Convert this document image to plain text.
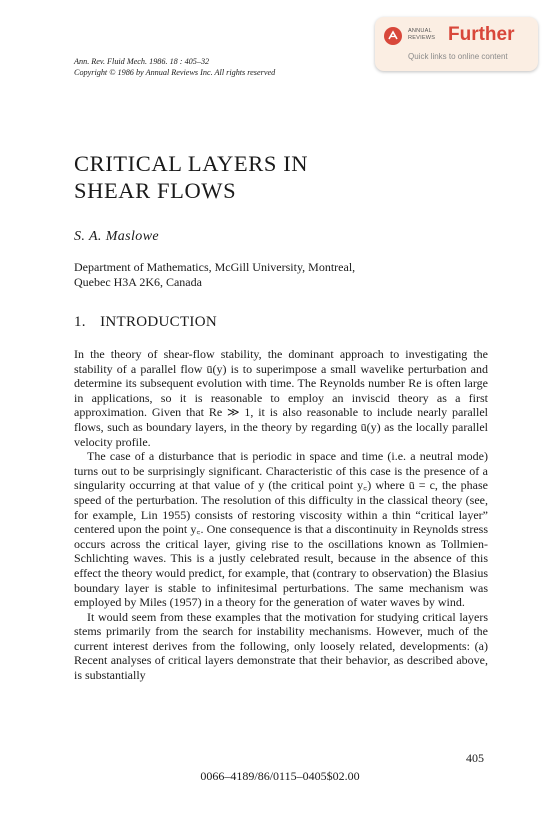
Ann. Rev. Fluid Mech. 1986. 18 : 405–32
Copyright © 1986 by Annual Reviews Inc. All rights reserved
ANNUAL
REVIEWS Further
Quick links to online content
CRITICAL LAYERS IN
SHEAR FLOWS
S. A. Maslowe
Department of Mathematics, McGill University, Montreal,
Quebec H3A 2K6, Canada
1. INTRODUCTION

In the theory of shear-flow stability, the dominant approach to investigating the stability of a parallel flow ū(y) is to superimpose a small wavelike perturbation and determine its subsequent evolution with time. The Reynolds number Re is often large in applications, so it is reasonable to employ an inviscid theory as a first approximation. Given that Re ≫ 1, it is also reasonable to include nearly parallel flows, such as boundary layers, in the theory by regarding ū(y) as the locally parallel velocity profile.

The case of a disturbance that is periodic in space and time (i.e. a neutral mode) turns out to be surprisingly significant. Characteristic of this case is the presence of a singularity occurring at that value of y (the critical point y꜀) where ū = c, the phase speed of the perturbation. The resolution of this difficulty in the classical theory (see, for example, Lin 1955) consists of restoring viscosity within a thin “critical layer” centered upon the point y꜀. One consequence is that a discontinuity in Reynolds stress occurs across the critical layer, giving rise to the oscillations known as Tollmien-Schlichting waves. This is a justly celebrated result, because in the absence of this effect the theory would predict, for example, that (contrary to observation) the Blasius boundary layer is stable to infinitesimal perturbations. The same mechanism was employed by Miles (1957) in a theory for the generation of water waves by wind.

It would seem from these examples that the motivation for studying critical layers stems primarily from the search for instability mechanisms. However, much of the current interest derives from the following, only loosely related, developments: (a) Recent analyses of critical layers demonstrate that their behavior, as described above, is substantially

405
0066–4189/86/0115–0405$02.00
